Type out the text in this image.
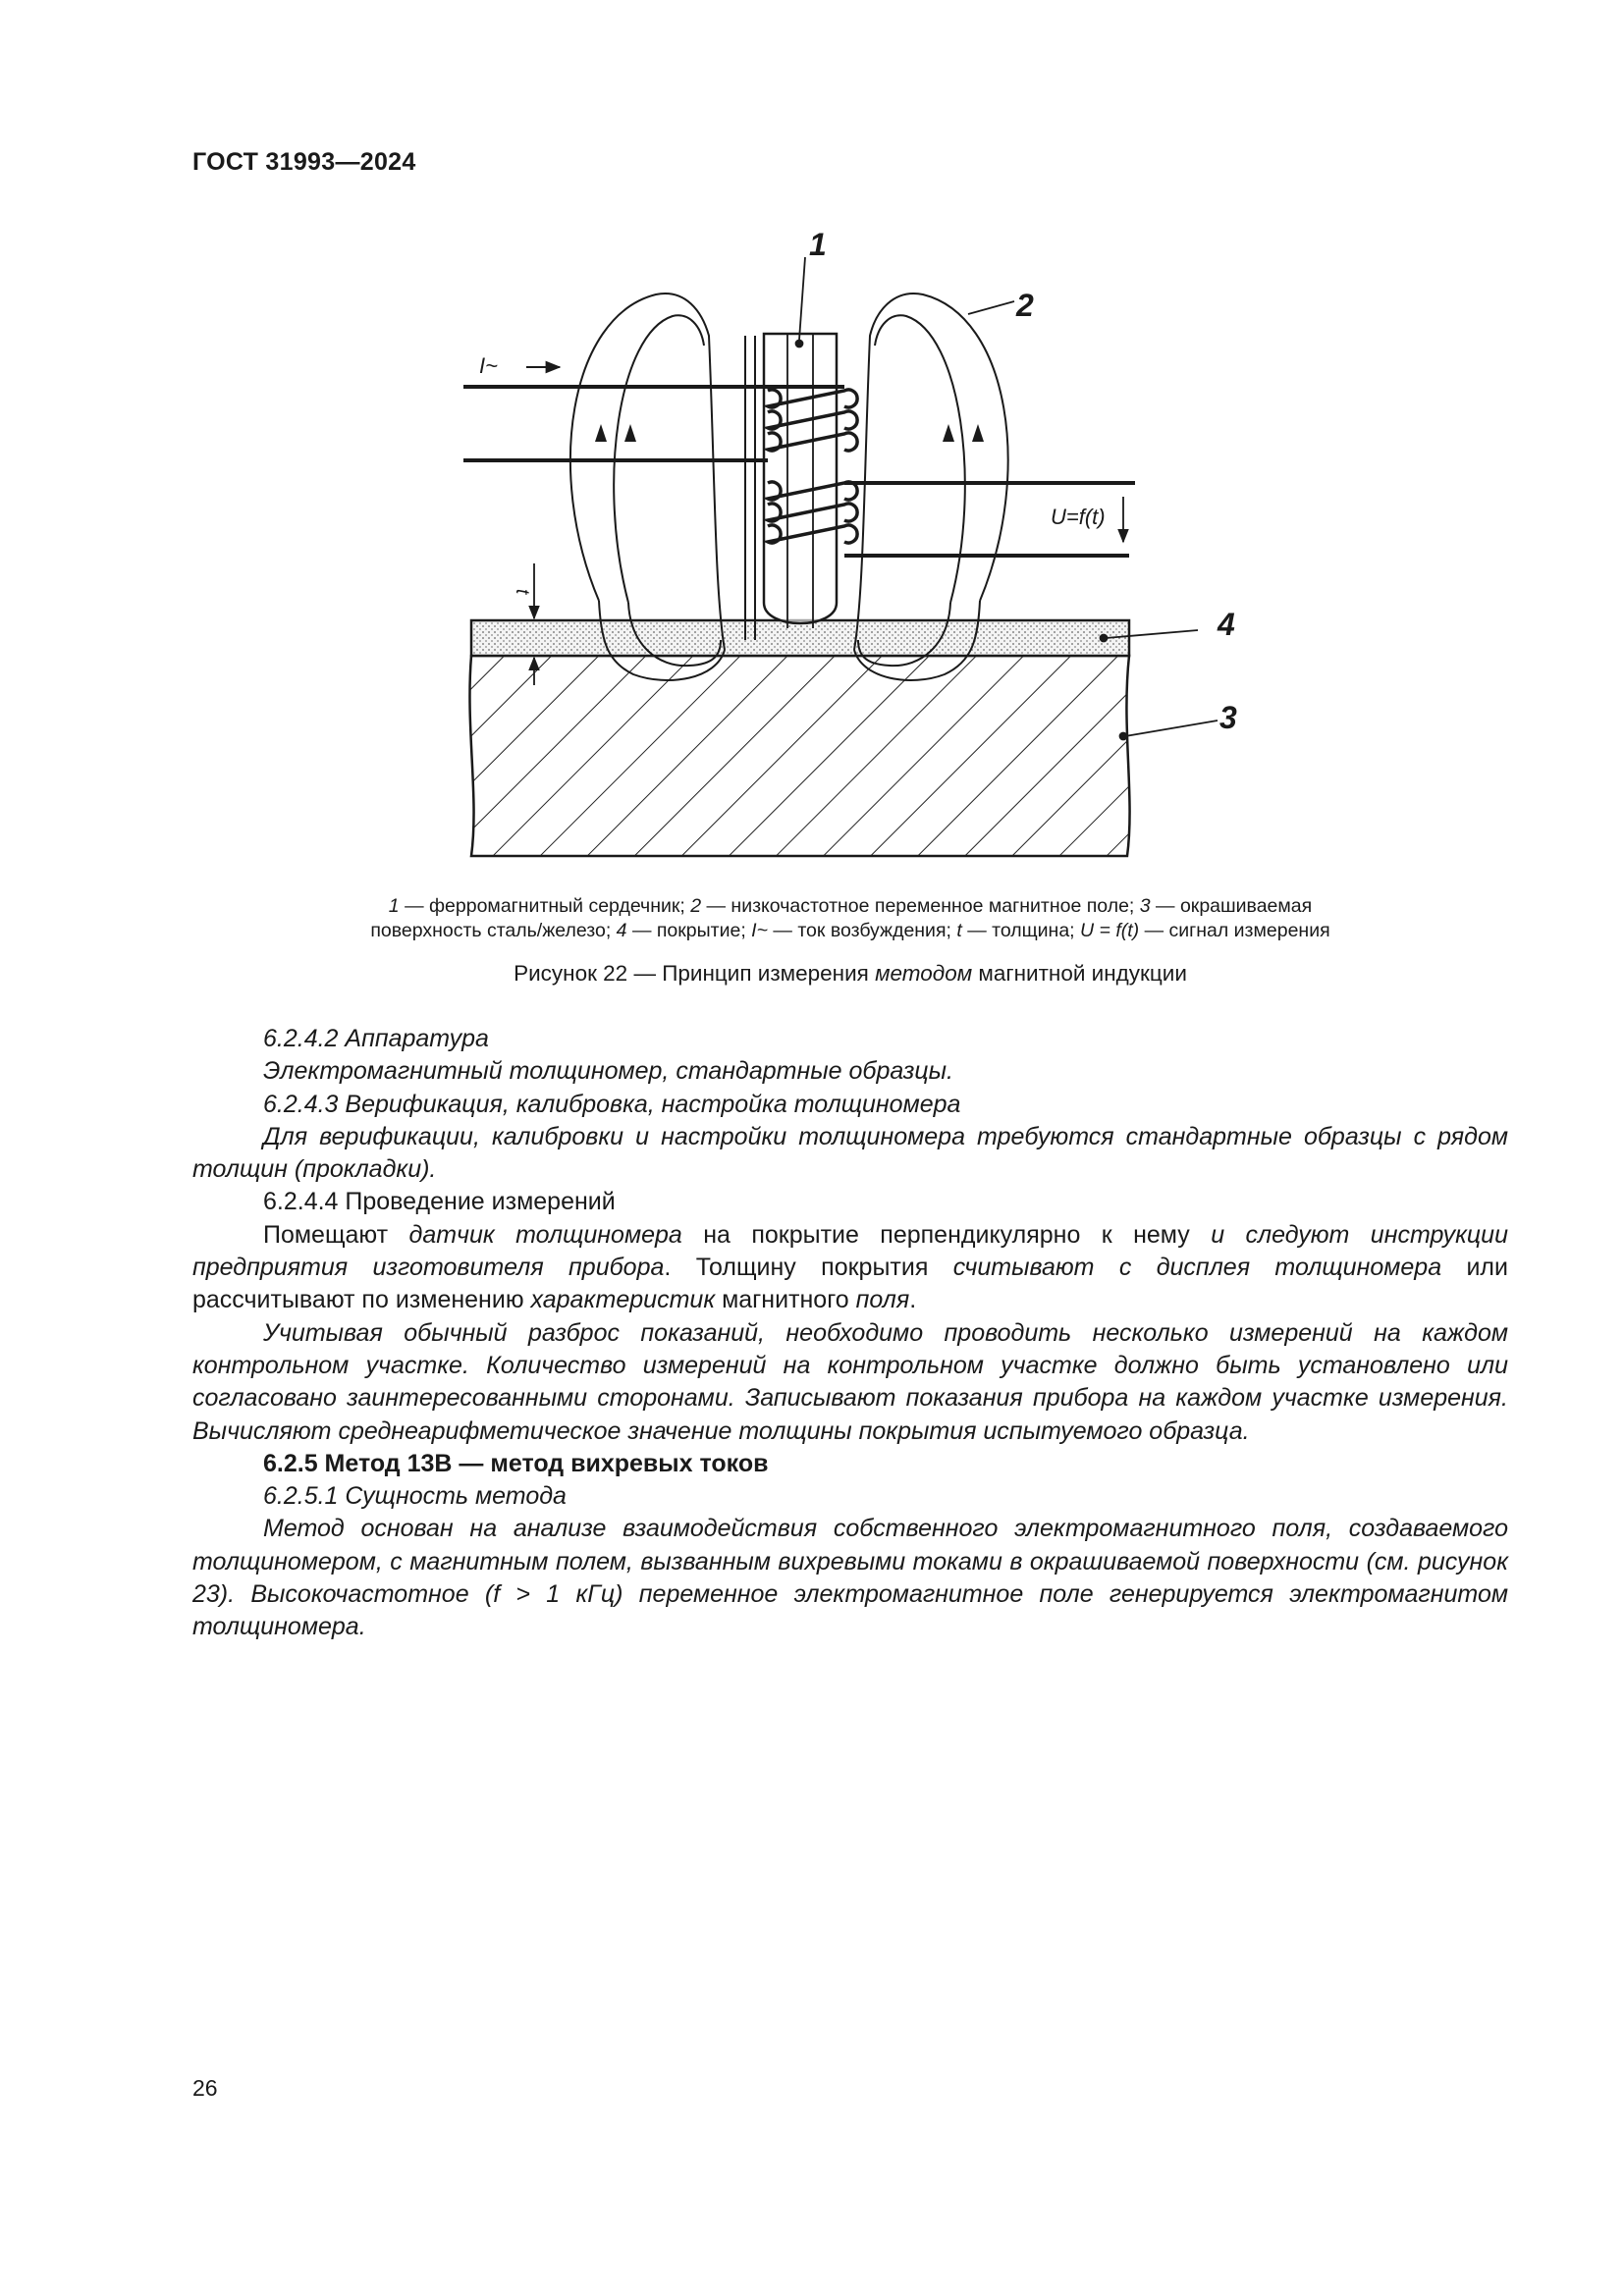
ГОСТ 31993—2024
I~
U=f(t)
t
1
2
4
3
1 — ферромагнитный сердечник; 2 — низкочастотное переменное магнитное поле; 3 — окрашиваемая
поверхность сталь/железо; 4 — покрытие; I~ — ток возбуждения; t — толщина; U = f(t) — сигнал измерения
Рисунок 22 — Принцип измерения методом магнитной индукции

6.2.4.2 Аппаратура

Электромагнитный толщиномер, стандартные образцы.

6.2.4.3 Верификация, калибровка, настройка толщиномера

Для верификации, калибровки и настройки толщиномера требуются стандартные образцы с рядом толщин (прокладки).

6.2.4.4 Проведение измерений

Помещают датчик толщиномера на покрытие перпендикулярно к нему и следуют инструкции предприятия изготовителя прибора. Толщину покрытия считывают с дисплея толщиномера или рассчитывают по изменению характеристик магнитного поля.

Учитывая обычный разброс показаний, необходимо проводить несколько измерений на каждом контрольном участке. Количество измерений на контрольном участке должно быть установлено или согласовано заинтересованными сторонами. Записывают показания прибора на каждом участке измерения. Вычисляют среднеарифметическое значение толщины покрытия испытуемого образца.

6.2.5 Метод 13В — метод вихревых токов

6.2.5.1 Сущность метода

Метод основан на анализе взаимодействия собственного электромагнитного поля, создаваемого толщиномером, с магнитным полем, вызванным вихревыми токами в окрашиваемой поверхности (см. рисунок 23). Высокочастотное (f > 1 кГц) переменное электромагнитное поле генерируется электромагнитом толщиномера.

26
